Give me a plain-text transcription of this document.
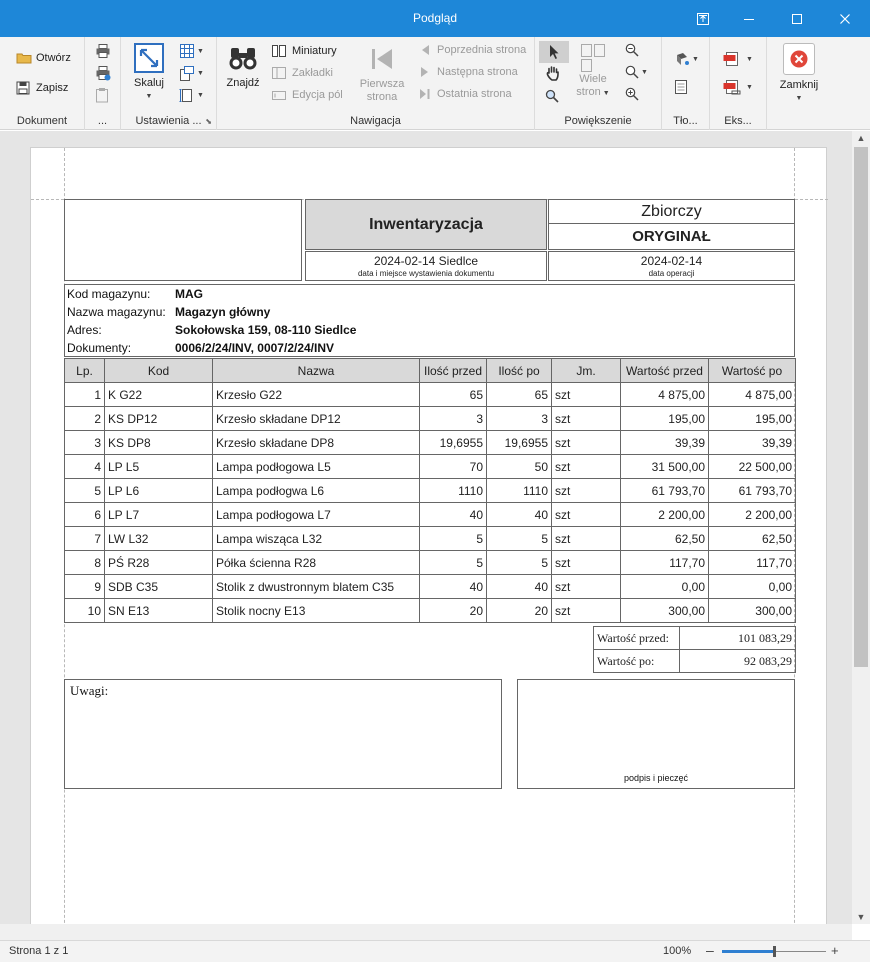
Podgląd
Otwórz
Zapisz
Dokument	...
Skaluj
▼
▼
▼
▼
Ustawienia ... ⬊
Znajdź
Miniatury
Zakładki
Edycja pól
Pierwsza
strona
Poprzednia strona
Następna strona
Ostatnia strona
Nawigacja
Wiele
stron ▼
▼
Powiększenie
▼
Tło...
▼
▼
Eks...
Zamknij
▼
Inwentaryzacja
2024-02-14 Siedlce
data i miejsce wystawienia dokumentu
Zbiorczy
ORYGINAŁ
2024-02-14
data operacji
Kod magazynu: MAG
Nazwa magazynu: Magazyn główny
Adres:	Sokołowska 159, 08-110 Siedlce
Dokumenty:	0006/2/24/INV, 0007/2/24/INV
Lp.	Kod	Nazwa	Ilość przed	Ilość po	Jm.	Wartość przed	Wartość po
1	K G22	Krzesło G22	65	65	szt	4 875,00	4 875,00
2	KS DP12	Krzesło składane DP12	3	3	szt	195,00	195,00
3	KS DP8	Krzesło składane DP8	19,6955	19,6955	szt	39,39	39,39
4	LP L5	Lampa podłogowa L5	70	50	szt	31 500,00	22 500,00
5	LP L6	Lampa podłogwa L6	1110	1110	szt	61 793,70	61 793,70
6	LP L7	Lampa podłogowa L7	40	40	szt	2 200,00	2 200,00
7	LW L32	Lampa wisząca L32	5	5	szt	62,50	62,50
8	PŚ R28	Półka ścienna R28	5	5	szt	117,70	117,70
9	SDB C35	Stolik z dwustronnym blatem C35	40	40	szt	0,00	0,00
10	SN E13	Stolik nocny E13	20	20	szt	300,00	300,00
Wartość przed:	101 083,29
Wartość po:	92 083,29
Uwagi:
podpis i pieczęć
▲
▼
Strona 1 z 1	100% –	+
